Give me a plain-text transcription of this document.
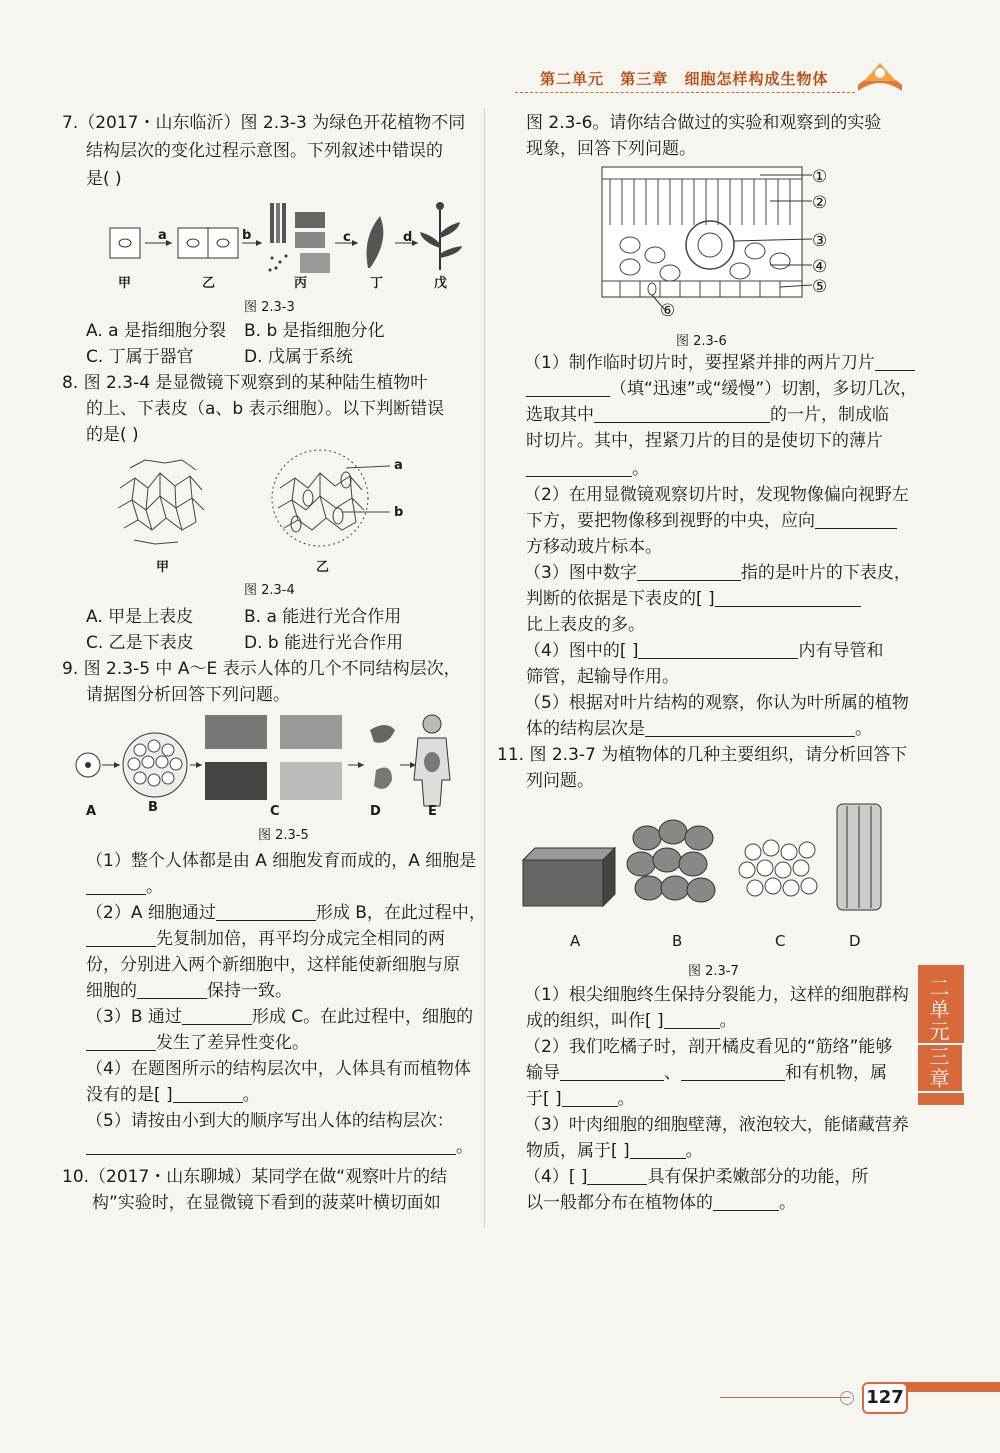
第二单元 第三章 细胞怎样构成生物体
7.（2017・山东临沂）图 2.3-3 为绿色开花植物不同
结构层次的变化过程示意图。下列叙述中错误的
是( )
a	b	c	d
甲	乙	丙	丁	戊
图 2.3-3
A. a 是指细胞分裂 B. b 是指细胞分化
C. 丁属于器官	D. 戊属于系统
8. 图 2.3-4 是显微镜下观察到的某种陆生植物叶
的上、下表皮（a、b 表示细胞）。以下判断错误
的是( )
a
b
甲	乙
图 2.3-4
A. 甲是上表皮	B. a 能进行光合作用
C. 乙是下表皮	D. b 能进行光合作用
9. 图 2.3-5 中 A～E 表示人体的几个不同结构层次，
请据图分析回答下列问题。
A	B	C	D	E
图 2.3-5
（1）整个人体都是由 A 细胞发育而成的，A 细胞是
。
（2）A 细胞通过	形成 B，在此过程中，
先复制加倍，再平均分成完全相同的两
份，分别进入两个新细胞中，这样能使新细胞与原
细胞的	保持一致。
（3）B 通过	形成 C。在此过程中，细胞的
发生了差异性变化。
（4）在题图所示的结构层次中，人体具有而植物体
没有的是[ ]	。
（5）请按由小到大的顺序写出人体的结构层次：
。
10.（2017・山东聊城）某同学在做“观察叶片的结
构”实验时，在显微镜下看到的菠菜叶横切面如
图 2.3-6。请你结合做过的实验和观察到的实验
现象，回答下列问题。
①
②
③
④
⑤
⑥
图 2.3-6
（1）制作临时切片时，要捏紧并排的两片刀片
（填“迅速”或“缓慢”）切割，多切几次，
选取其中	的一片，制成临
时切片。其中，捏紧刀片的目的是使切下的薄片
。
（2）在用显微镜观察切片时，发现物像偏向视野左
下方，要把物像移到视野的中央，应向
方移动玻片标本。
（3）图中数字	指的是叶片的下表皮，
判断的依据是下表皮的[ ]
比上表皮的多。
（4）图中的[ ]	内有导管和
筛管，起输导作用。
（5）根据对叶片结构的观察，你认为叶所属的植物
体的结构层次是	。
11. 图 2.3-7 为植物体的几种主要组织，请分析回答下
列问题。
A	B	C	D
图 2.3-7
（1）根尖细胞终生保持分裂能力，这样的细胞群构
成的组织，叫作[ ]	。
（2）我们吃橘子时，剖开橘皮看见的“筋络”能够
输导	、	和有机物，属
于[ ]	。
（3）叶肉细胞的细胞壁薄，液泡较大，能储藏营养
物质，属于[ ]	。
（4）[ ]	具有保护柔嫩部分的功能，所
以一般都分布在植物体的	。
二单元三章
127
